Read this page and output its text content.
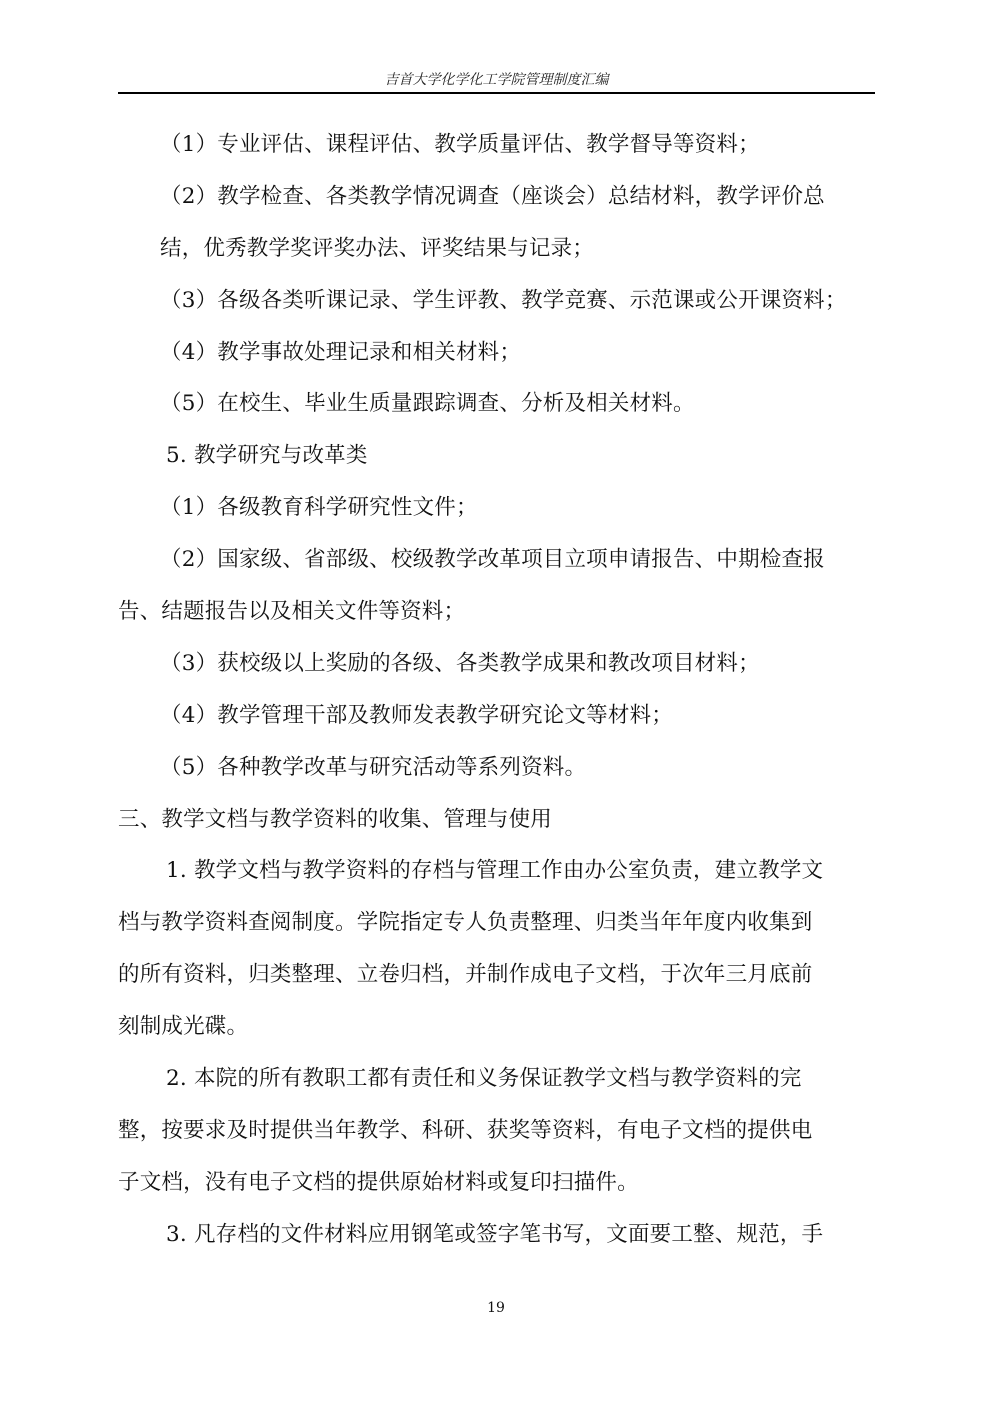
吉首大学化学化工学院管理制度汇编
（1）专业评估、课程评估、教学质量评估、教学督导等资料；
（2）教学检查、各类教学情况调查（座谈会）总结材料，教学评价总
结，优秀教学奖评奖办法、评奖结果与记录；
（3）各级各类听课记录、学生评教、教学竞赛、示范课或公开课资料；
（4）教学事故处理记录和相关材料；
（5）在校生、毕业生质量跟踪调查、分析及相关材料。
5. 教学研究与改革类
（1）各级教育科学研究性文件；
（2）国家级、省部级、校级教学改革项目立项申请报告、中期检查报
告、结题报告以及相关文件等资料；
（3）获校级以上奖励的各级、各类教学成果和教改项目材料；
（4）教学管理干部及教师发表教学研究论文等材料；
（5）各种教学改革与研究活动等系列资料。
三、教学文档与教学资料的收集、管理与使用
1. 教学文档与教学资料的存档与管理工作由办公室负责，建立教学文
档与教学资料查阅制度。学院指定专人负责整理、归类当年年度内收集到
的所有资料，归类整理、立卷归档，并制作成电子文档，于次年三月底前
刻制成光碟。
2. 本院的所有教职工都有责任和义务保证教学文档与教学资料的完
整，按要求及时提供当年教学、科研、获奖等资料，有电子文档的提供电
子文档，没有电子文档的提供原始材料或复印扫描件。
3. 凡存档的文件材料应用钢笔或签字笔书写，文面要工整、规范，手
19
